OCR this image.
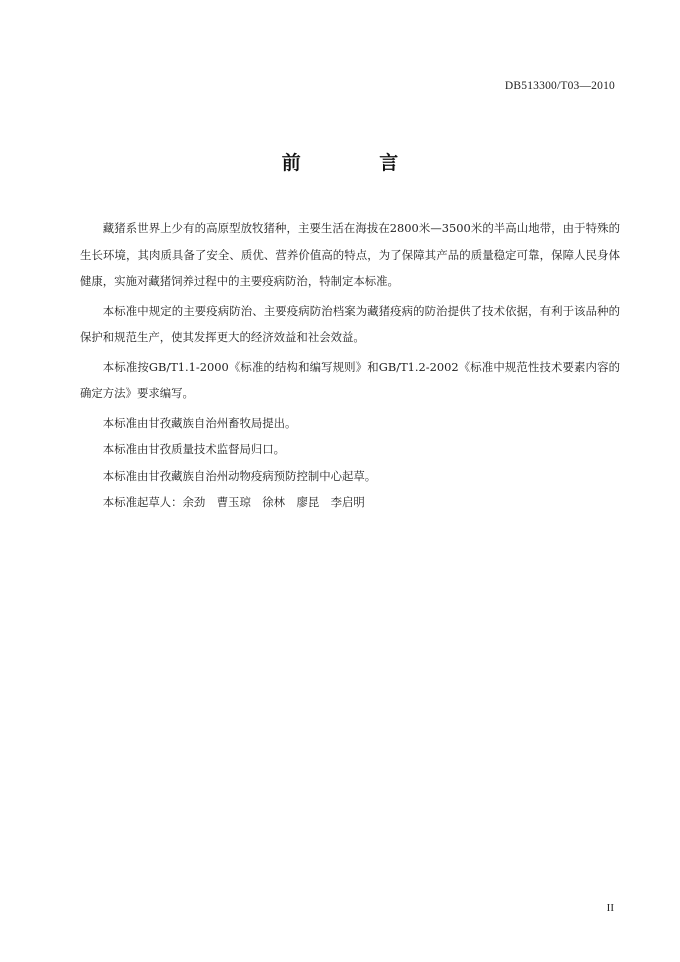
DB513300/T03—2010
前 言

藏猪系世界上少有的高原型放牧猪种，主要生活在海拔在2800米—3500米的半高山地带，由于特殊的生长环境，其肉质具备了安全、质优、营养价值高的特点，为了保障其产品的质量稳定可靠，保障人民身体健康，实施对藏猪饲养过程中的主要疫病防治，特制定本标准。

本标准中规定的主要疫病防治、主要疫病防治档案为藏猪疫病的防治提供了技术依据，有利于该品种的保护和规范生产，使其发挥更大的经济效益和社会效益。

本标准按GB/T1.1-2000《标准的结构和编写规则》和GB/T1.2-2002《标准中规范性技术要素内容的确定方法》要求编写。

本标准由甘孜藏族自治州畜牧局提出。

本标准由甘孜质量技术监督局归口。

本标准由甘孜藏族自治州动物疫病预防控制中心起草。

本标准起草人：余劲　曹玉琼　徐林　廖昆　李启明

II
